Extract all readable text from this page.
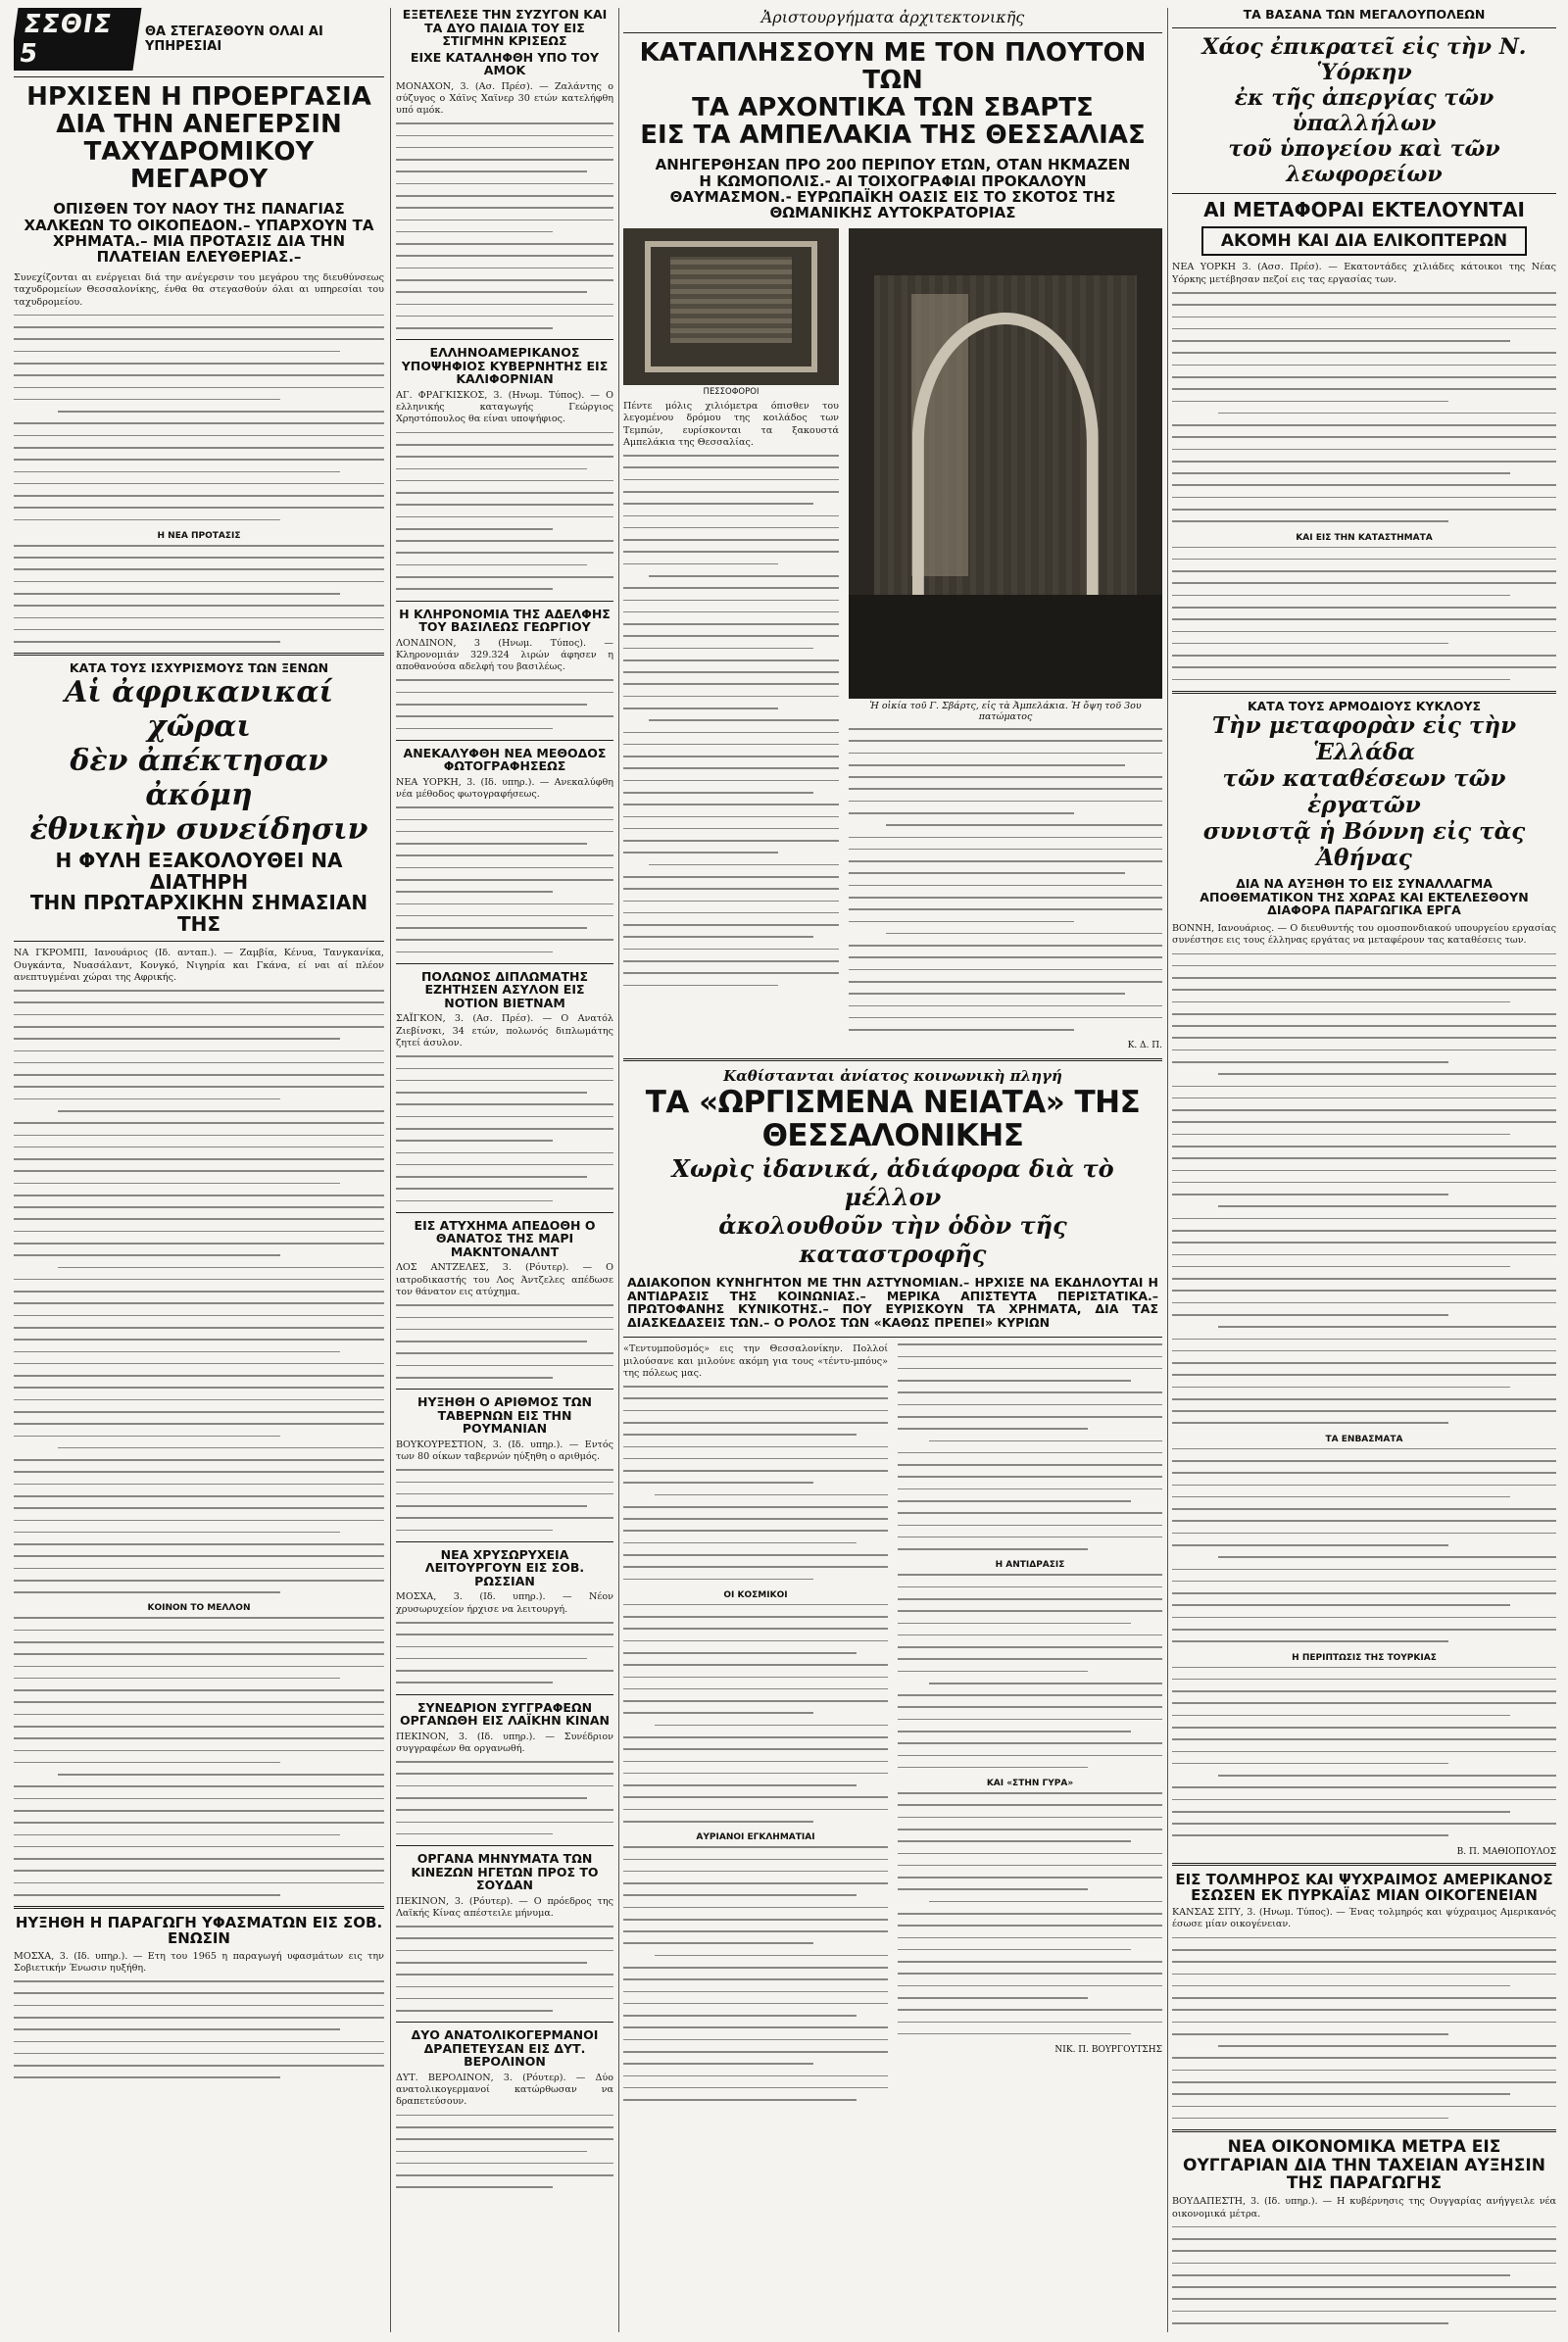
ΣΣΘΙΣ 5
ΘΑ ΣΤΕΓΑΣΘΟΥΝ ΟΛΑΙ ΑΙ ΥΠΗΡΕΣΙΑΙ

ΗΡΧΙΣΕΝ Η ΠΡΟΕΡΓΑΣΙΑ

ΔΙΑ ΤΗΝ ΑΝΕΓΕΡΣΙΝ

ΤΑΧΥΔΡΟΜΙΚΟΥ ΜΕΓΑΡΟΥ

ΟΠΙΣΘΕΝ ΤΟΥ ΝΑΟΥ ΤΗΣ ΠΑΝΑΓΙΑΣ ΧΑΛΚΕΩΝ ΤΟ ΟΙΚΟΠΕΔΟΝ.– ΥΠΑΡΧΟΥΝ ΤΑ ΧΡΗΜΑΤΑ.– ΜΙΑ ΠΡΟΤΑΣΙΣ ΔΙΑ ΤΗΝ ΠΛΑΤΕΙΑΝ ΕΛΕΥΘΕΡΙΑΣ.–

Συνεχίζονται αι ενέργειαι διά την ανέγερσιν του μεγάρου της διευθύνσεως ταχυδρομείων Θεσσαλονίκης, ένθα θα στεγασθούν όλαι αι υπηρεσίαι του ταχυδρομείου.

Η ΝΕΑ ΠΡΟΤΑΣΙΣ

ΚΑΤΑ ΤΟΥΣ ΙΣΧΥΡΙΣΜΟΥΣ ΤΩΝ ΞΕΝΩΝ

Αἱ ἀφρικανικαί χῶραι

δὲν ἀπέκτησαν ἀκόμη

ἐθνικὴν συνείδησιν

Η ΦΥΛΗ ΕΞΑΚΟΛΟΥΘΕΙ ΝΑ ΔΙΑΤΗΡΗ

ΤΗΝ ΠΡΩΤΑΡΧΙΚΗΝ ΣΗΜΑΣΙΑΝ ΤΗΣ

ΝΑ ΓΚΡΟΜΠΙ, Ιανουάριος (Ιδ. ανταπ.). — Ζαμβία, Κένυα, Τανγκανίκα, Ουγκάντα, Νυασάλαντ, Κονγκό, Νιγηρία και Γκάνα, εί ναι αί πλέον ανεπτυγμέναι χώραι της Αφρικής.

ΚΟΙΝΟΝ ΤΟ ΜΕΛΛΟΝ

ΗΥΞΗΘΗ Η ΠΑΡΑΓΩΓΗ ΥΦΑΣΜΑΤΩΝ ΕΙΣ ΣΟΒ. ΕΝΩΣΙΝ

ΜΟΣΧΑ, 3. (Ιδ. υπηρ.). — Ετη του 1965 η παραγωγή υφασμάτων εις την Σοβιετικήν Ένωσιν ηυξήθη.

ΕΞΕΤΕΛΕΣΕ ΤΗΝ ΣΥΖΥΓΟΝ ΚΑΙ ΤΑ ΔΥΟ ΠΑΙΔΙΑ ΤΟΥ ΕΙΣ ΣΤΙΓΜΗΝ ΚΡΙΣΕΩΣ

ΕΙΧΕ ΚΑΤΑΛΗΦΘΗ ΥΠΟ ΤΟΥ ΑΜΟΚ

ΜΟΝΑΧΟΝ, 3. (Ασ. Πρέσ). — Ζαλάντης ο σύζυγος ο Χάϊνς Χαϊνερ 30 ετών κατελήφθη υπό αμόκ.

ΕΛΛΗΝΟΑΜΕΡΙΚΑΝΟΣ ΥΠΟΨΗΦΙΟΣ ΚΥΒΕΡΝΗΤΗΣ ΕΙΣ ΚΑΛΙΦΟΡΝΙΑΝ

ΑΓ. ΦΡΑΓΚΙΣΚΟΣ, 3. (Ηνωμ. Τύπος). — Ο ελληνικής καταγωγής Γεώργιος Χρηστόπουλος θα είναι υποψήφιος.

Η ΚΛΗΡΟΝΟΜΙΑ ΤΗΣ ΑΔΕΛΦΗΣ ΤΟΥ ΒΑΣΙΛΕΩΣ ΓΕΩΡΓΙΟΥ

ΛΟΝΔΙΝΟΝ, 3 (Ηνωμ. Τύπος). — Κληρονομιάν 329.324 λιρών άφησεν η αποθανούσα αδελφή του βασιλέως.

ΑΝΕΚΑΛΥΦΘΗ ΝΕΑ ΜΕΘΟΔΟΣ ΦΩΤΟΓΡΑΦΗΣΕΩΣ

ΝΕΑ ΥΟΡΚΗ, 3. (Ιδ. υπηρ.). — Ανεκαλύφθη νέα μέθοδος φωτογραφήσεως.

ΠΟΛΩΝΟΣ ΔΙΠΛΩΜΑΤΗΣ ΕΖΗΤΗΣΕΝ ΑΣΥΛΟΝ ΕΙΣ ΝΟΤΙΟΝ ΒΙΕΤΝΑΜ

ΣΑΪΓΚΟΝ, 3. (Ασ. Πρέσ). — Ο Ανατόλ Ζιεβίνσκι, 34 ετών, πολωνός διπλωμάτης ζητεί άσυλον.

ΕΙΣ ΑΤΥΧΗΜΑ ΑΠΕΔΟΘΗ Ο ΘΑΝΑΤΟΣ ΤΗΣ ΜΑΡΙ ΜΑΚΝΤΟΝΑΛΝΤ

ΛΟΣ ΑΝΤΖΕΛΕΣ, 3. (Ρόυτερ). — Ο ιατροδικαστής του Λος Άντζελες απέδωσε τον θάνατον εις ατύχημα.

ΗΥΞΗΘΗ Ο ΑΡΙΘΜΟΣ ΤΩΝ ΤΑΒΕΡΝΩΝ ΕΙΣ ΤΗΝ ΡΟΥΜΑΝΙΑΝ

ΒΟΥΚΟΥΡΕΣΤΙΟΝ, 3. (Ιδ. υπηρ.). — Εντός των 80 οίκων ταβερνών ηύξηθη ο αριθμός.

ΝΕΑ ΧΡΥΣΩΡΥΧΕΙΑ ΛΕΙΤΟΥΡΓΟΥΝ ΕΙΣ ΣΟΒ. ΡΩΣΣΙΑΝ

ΜΟΣΧΑ, 3. (Ιδ. υπηρ.). — Νέον χρυσωρυχείον ήρχισε να λειτουργή.

ΣΥΝΕΔΡΙΟΝ ΣΥΓΓΡΑΦΕΩΝ ΟΡΓΑΝΩΘΗ ΕΙΣ ΛΑΪΚΗΝ ΚΙΝΑΝ

ΠΕΚΙΝΟΝ, 3. (Ιδ. υπηρ.). — Συνέδριον συγγραφέων θα οργανωθή.

ΟΡΓΑΝΑ ΜΗΝΥΜΑΤΑ ΤΩΝ ΚΙΝΕΖΩΝ ΗΓΕΤΩΝ ΠΡΟΣ ΤΟ ΣΟΥΔΑΝ

ΠΕΚΙΝΟΝ, 3. (Ρόυτερ). — Ο πρόεδρος της Λαϊκής Κίνας απέστειλε μήνυμα.

ΔΥΟ ΑΝΑΤΟΛΙΚΟΓΕΡΜΑΝΟΙ ΔΡΑΠΕΤΕΥΣΑΝ ΕΙΣ ΔΥΤ. ΒΕΡΟΛΙΝΟΝ

ΔΥΤ. ΒΕΡΟΛΙΝΟΝ, 3. (Ρόυτερ). — Δύο ανατολικογερμανοί κατώρθωσαν να δραπετεύσουν.

Ἀριστουργήματα ἀρχιτεκτονικῆς

ΚΑΤΑΠΛΗΣΣΟΥΝ ΜΕ ΤΟΝ ΠΛΟΥΤΟΝ ΤΩΝ

ΤΑ ΑΡΧΟΝΤΙΚΑ ΤΩΝ ΣΒΑΡΤΣ

ΕΙΣ ΤΑ ΑΜΠΕΛΑΚΙΑ ΤΗΣ ΘΕΣΣΑΛΙΑΣ

ΑΝΗΓΕΡΘΗΣΑΝ ΠΡΟ 200 ΠΕΡΙΠΟΥ ΕΤΩΝ, ΟΤΑΝ ΗΚΜΑΖΕΝ Η ΚΩΜΟΠΟΛΙΣ.- ΑΙ ΤΟΙΧΟΓΡΑΦΙΑΙ ΠΡΟΚΑΛΟΥΝ ΘΑΥΜΑΣΜΟΝ.- ΕΥΡΩΠΑΪΚΗ ΟΑΣΙΣ ΕΙΣ ΤΟ ΣΚΟΤΟΣ ΤΗΣ ΘΩΜΑΝΙΚΗΣ ΑΥΤΟΚΡΑΤΟΡΙΑΣ

ΠΕΣΣΟΦΟΡΟΙ

Πέντε μόλις χιλιόμετρα όπισθεν του λεγομένου δρόμου της κοιλάδος των Τεμπών, ευρίσκονται τα ξακουστά Αμπελάκια της Θεσσαλίας.

Ἡ οἰκία τοῦ Γ. Σβάρτς, εἰς τὰ Ἀμπελάκια. Ἡ ὄψη τοῦ 3ου πατώματος

Κ. Δ. Π.

Καθίστανται ἀνίατος κοινωνικὴ πληγή

ΤΑ «ΩΡΓΙΣΜΕΝΑ ΝΕΙΑΤΑ» ΤΗΣ ΘΕΣΣΑΛΟΝΙΚΗΣ

Χωρὶς ἰδανικά, ἀδιάφορα διὰ τὸ μέλλον

ἀκολουθοῦν τὴν ὁδὸν τῆς καταστροφῆς

ΑΔΙΑΚΟΠΟΝ ΚΥΝΗΓΗΤΟΝ ΜΕ ΤΗΝ ΑΣΤΥΝΟΜΙΑΝ.– ΗΡΧΙΣΕ ΝΑ ΕΚΔΗΛΟΥΤΑΙ Η ΑΝΤΙΔΡΑΣΙΣ ΤΗΣ ΚΟΙΝΩΝΙΑΣ.– ΜΕΡΙΚΑ ΑΠΙΣΤΕΥΤΑ ΠΕΡΙΣΤΑΤΙΚΑ.– ΠΡΩΤΟΦΑΝΗΣ ΚΥΝΙΚΟΤΗΣ.– ΠΟΥ ΕΥΡΙΣΚΟΥΝ ΤΑ ΧΡΗΜΑΤΑ, ΔΙΑ ΤΑΣ ΔΙΑΣΚΕΔΑΣΕΙΣ ΤΩΝ.– Ο ΡΟΛΟΣ ΤΩΝ «ΚΑΘΩΣ ΠΡΕΠΕΙ» ΚΥΡΙΩΝ

«Τεντυμποϋσμός» εις την Θεσσαλονίκην. Πολλοί μιλούσανε και μιλούνε ακόμη για τους «τέντυ-μπόυς» της πόλεως μας.

ΟΙ ΚΟΣΜΙΚΟΙ

ΑΥΡΙΑΝΟΙ ΕΓΚΛΗΜΑΤΙΑΙ

Η ΑΝΤΙΔΡΑΣΙΣ

ΚΑΙ «ΣΤΗΝ ΓΥΡΑ»

ΝΙΚ. Π. ΒΟΥΡΓΟΥΤΣΗΣ

ΤΑ ΒΑΣΑΝΑ ΤΩΝ ΜΕΓΑΛΟΥΠΟΛΕΩΝ

Χάος ἐπικρατεῖ εἰς τὴν Ν. Ὑόρκην

ἐκ τῆς ἀπεργίας τῶν ὑπαλλήλων

τοῦ ὑπογείου καὶ τῶν λεωφορείων

ΑΙ ΜΕΤΑΦΟΡΑΙ ΕΚΤΕΛΟΥΝΤΑΙ

ΑΚΟΜΗ ΚΑΙ ΔΙΑ ΕΛΙΚΟΠΤΕΡΩΝ

ΝΕΑ ΥΟΡΚΗ 3. (Ασσ. Πρέσ). — Εκατοντάδες χιλιάδες κάτοικοι της Νέας Υόρκης μετέβησαν πεζοί εις τας εργασίας των.

ΚΑΙ ΕΙΣ ΤΗΝ ΚΑΤΑΣΤΗΜΑΤΑ

ΚΑΤΑ ΤΟΥΣ ΑΡΜΟΔΙΟΥΣ ΚΥΚΛΟΥΣ

Τὴν μεταφορὰν εἰς τὴν Ἑλλάδα

τῶν καταθέσεων τῶν ἐργατῶν

συνιστᾷ ἡ Βόννη εἰς τὰς Ἀθήνας

ΔΙΑ ΝΑ ΑΥΞΗΘΗ ΤΟ ΕΙΣ ΣΥΝΑΛΛΑΓΜΑ ΑΠΟΘΕΜΑΤΙΚΟΝ ΤΗΣ ΧΩΡΑΣ ΚΑΙ ΕΚΤΕΛΕΣΘΟΥΝ ΔΙΑΦΟΡΑ ΠΑΡΑΓΩΓΙΚΑ ΕΡΓΑ

ΒΟΝΝΗ, Ιανουάριος. — Ο διευθυντής του ομοσπονδιακού υπουργείου εργασίας συνέστησε εις τους έλληνας εργάτας να μεταφέρουν τας καταθέσεις των.

ΤΑ ΕΝΒΑΣΜΑΤΑ

Η ΠΕΡΙΠΤΩΣΙΣ ΤΗΣ ΤΟΥΡΚΙΑΣ

Β. Π. ΜΑΘΙΟΠΟΥΛΟΣ

ΕΙΣ ΤΟΛΜΗΡΟΣ ΚΑΙ ΨΥΧΡΑΙΜΟΣ ΑΜΕΡΙΚΑΝΟΣ ΕΣΩΣΕΝ ΕΚ ΠΥΡΚΑΪΑΣ ΜΙΑΝ ΟΙΚΟΓΕΝΕΙΑΝ

ΚΑΝΣΑΣ ΣΙΤΥ, 3. (Ηνωμ. Τύπος). — Ένας τολμηρός και ψύχραιμος Αμερικανός έσωσε μίαν οικογένειαν.

ΝΕΑ ΟΙΚΟΝΟΜΙΚΑ ΜΕΤΡΑ ΕΙΣ ΟΥΓΓΑΡΙΑΝ ΔΙΑ ΤΗΝ ΤΑΧΕΙΑΝ ΑΥΞΗΣΙΝ ΤΗΣ ΠΑΡΑΓΩΓΗΣ

ΒΟΥΔΑΠΕΣΤΗ, 3. (Ιδ. υπηρ.). — Η κυβέρνησις της Ουγγαρίας ανήγγειλε νέα οικονομικά μέτρα.
